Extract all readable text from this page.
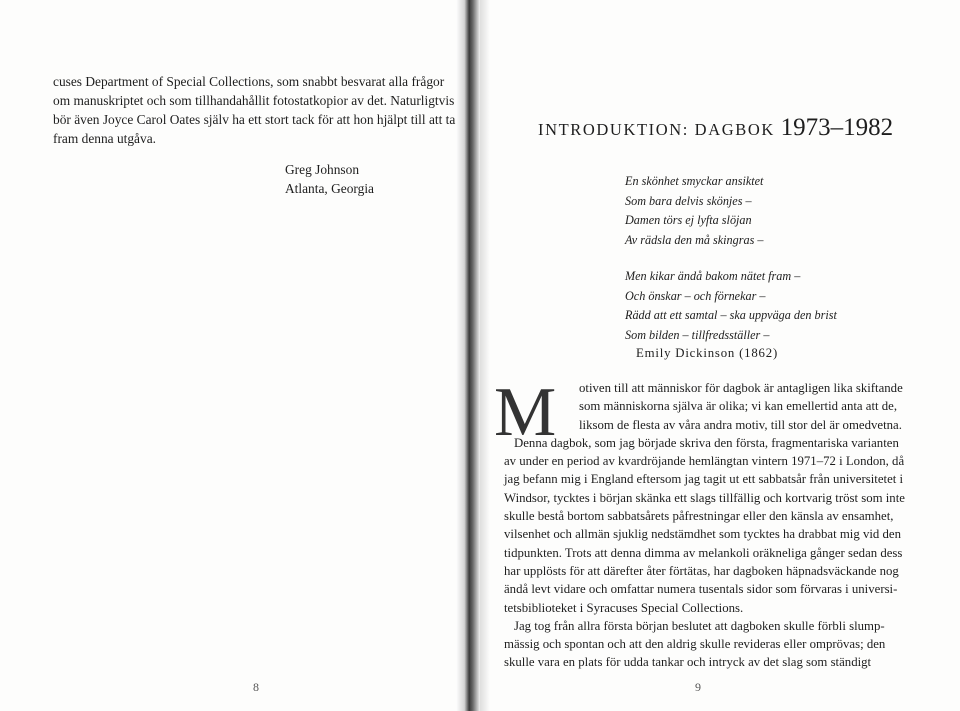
cuses Department of Special Collections, som snabbt besvarat alla frågor
om manuskriptet och som tillhandahållit fotostatkopior av det. Naturligtvis
bör även Joyce Carol Oates själv ha ett stort tack för att hon hjälpt till att ta
fram denna utgåva.

Greg Johnson
Atlanta, Georgia
8
INTRODUKTION: DAGBOK 1973–1982
En skönhet smyckar ansiktet
Som bara delvis skönjes –
Damen törs ej lyfta slöjan
Av rädsla den må skingras –
Men kikar ändå bakom nätet fram –
Och önskar – och förnekar –
Rädd att ett samtal – ska uppväga den brist
Som bilden – tillfredsställer –
Emily Dickinson (1862)
M	otiven till att människor för dagbok är antagligen lika skiftande
som människorna själva är olika; vi kan emellertid anta att de,
liksom de flesta av våra andra motiv, till stor del är omedvetna.
Denna dagbok, som jag började skriva den första, fragmentariska varianten
av under en period av kvardröjande hemlängtan vintern 1971–72 i London, då
jag befann mig i England eftersom jag tagit ut ett sabbatsår från universitetet i
Windsor, tycktes i början skänka ett slags tillfällig och kortvarig tröst som inte
skulle bestå bortom sabbatsårets påfrestningar eller den känsla av ensamhet,
vilsenhet och allmän sjuklig nedstämdhet som tycktes ha drabbat mig vid den
tidpunkten. Trots att denna dimma av melankoli oräkneliga gånger sedan dess
har upplösts för att därefter åter förtätas, har dagboken häpnadsväckande nog
ändå levt vidare och omfattar numera tusentals sidor som förvaras i universi-
tetsbiblioteket i Syracuses Special Collections.
Jag tog från allra första början beslutet att dagboken skulle förbli slump-
mässig och spontan och att den aldrig skulle revideras eller omprövas; den
skulle vara en plats för udda tankar och intryck av det slag som ständigt
9
